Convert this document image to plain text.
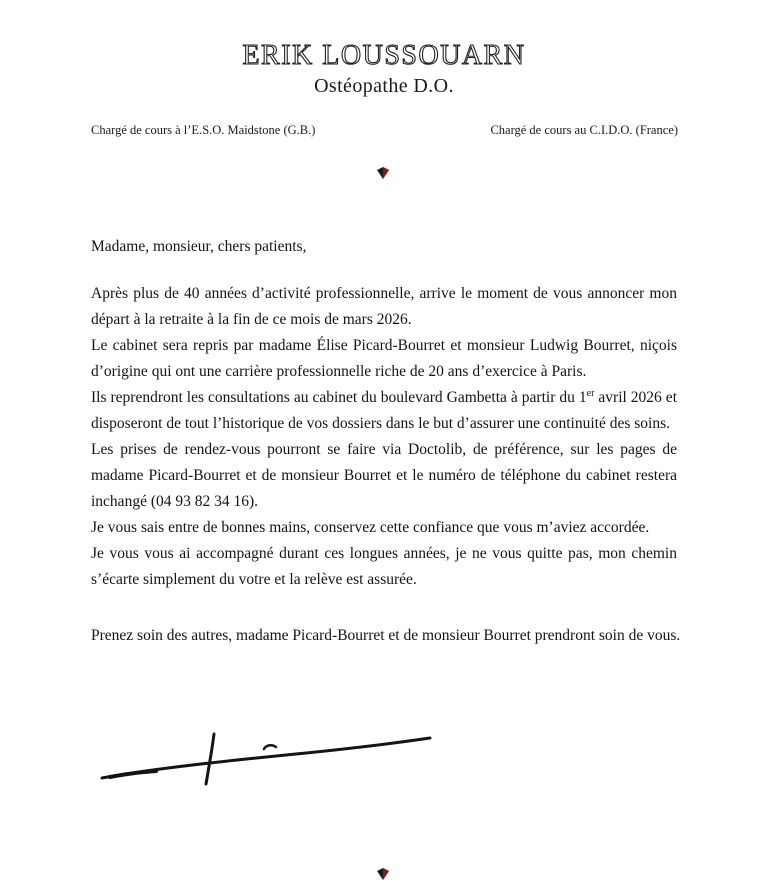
ERIK LOUSSOUARN
Ostéopathe D.O.
Chargé de cours à l’E.S.O. Maidstone (G.B.)	Chargé de cours au C.I.D.O. (France)
Madame, monsieur, chers patients,

Après plus de 40 années d’activité professionnelle, arrive le moment de vous annoncer mon départ à la retraite à la fin de ce mois de mars 2026.

Le cabinet sera repris par madame Élise Picard-Bourret et monsieur Ludwig Bourret, niçois d’origine qui ont une carrière professionnelle riche de 20 ans d’exercice à Paris.

Ils reprendront les consultations au cabinet du boulevard Gambetta à partir du 1er avril 2026 et disposeront de tout l’historique de vos dossiers dans le but d’assurer une continuité des soins.

Les prises de rendez-vous pourront se faire via Doctolib, de préférence, sur les pages de madame Picard-Bourret et de monsieur Bourret et le numéro de téléphone du cabinet restera inchangé (04 93 82 34 16).

Je vous sais entre de bonnes mains, conservez cette confiance que vous m’aviez accordée.

Je vous vous ai accompagné durant ces longues années, je ne vous quitte pas, mon chemin s’écarte simplement du votre et la relève est assurée.

Prenez soin des autres, madame Picard-Bourret et de monsieur Bourret prendront soin de vous.
